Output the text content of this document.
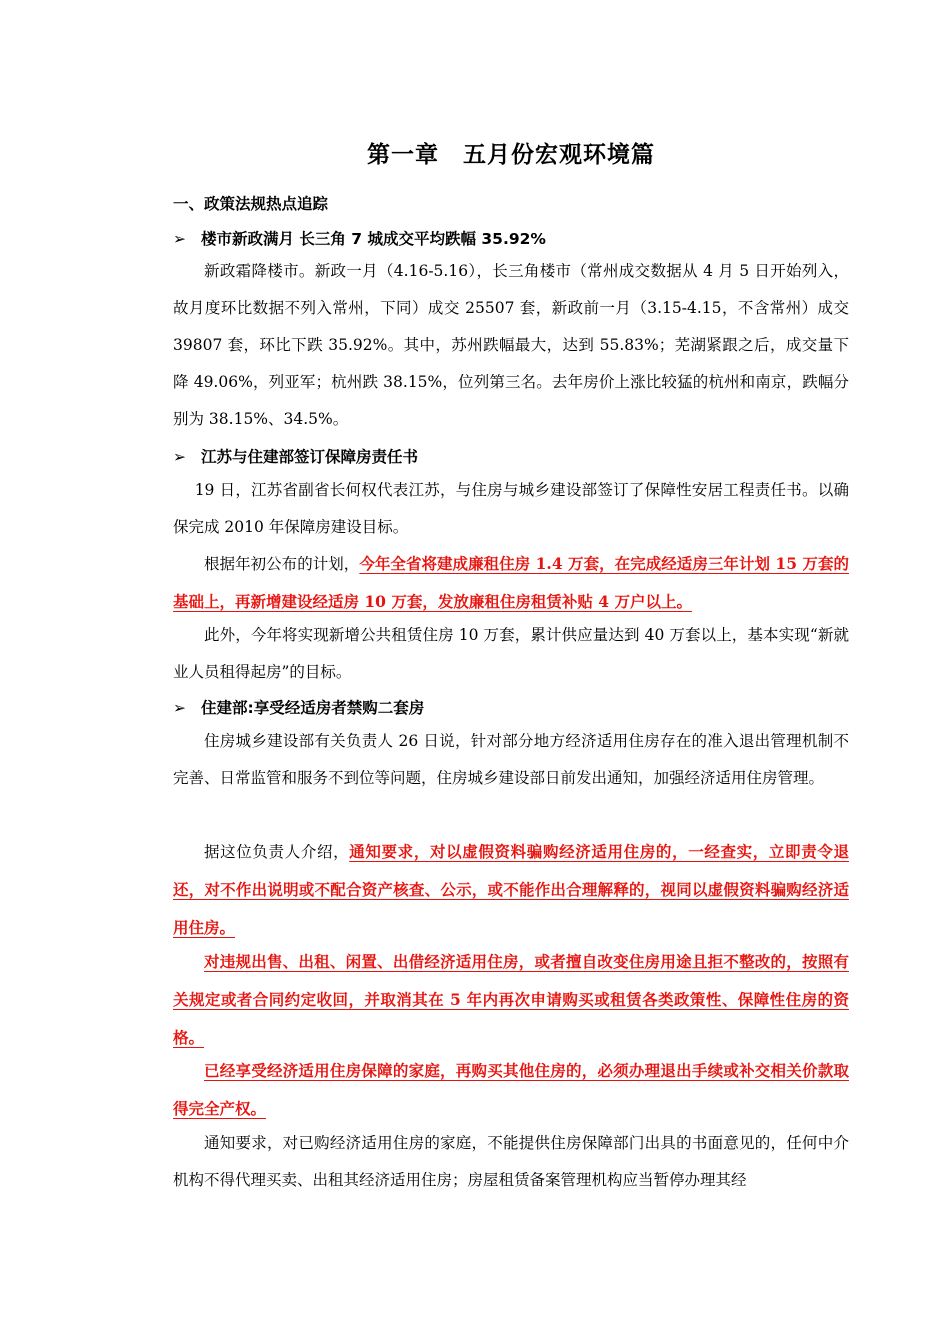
第一章　五月份宏观环境篇
一、政策法规热点追踪
➢ 楼市新政满月 长三角 7 城成交平均跌幅 35.92%
新政霜降楼市。新政一月（4.16-5.16），长三角楼市（常州成交数据从 4 月 5 日开始列入，故月度环比数据不列入常州，下同）成交 25507 套，新政前一月（3.15-4.15，不含常州）成交 39807 套，环比下跌 35.92%。其中，苏州跌幅最大，达到 55.83%；芜湖紧跟之后，成交量下降 49.06%，列亚军；杭州跌 38.15%，位列第三名。去年房价上涨比较猛的杭州和南京，跌幅分别为 38.15%、34.5%。
➢ 江苏与住建部签订保障房责任书
19 日，江苏省副省长何权代表江苏，与住房与城乡建设部签订了保障性安居工程责任书。以确保完成 2010 年保障房建设目标。
根据年初公布的计划，今年全省将建成廉租住房 1.4 万套，在完成经适房三年计划 15 万套的基础上，再新增建设经适房 10 万套，发放廉租住房租赁补贴 4 万户以上。
此外，今年将实现新增公共租赁住房 10 万套，累计供应量达到 40 万套以上，基本实现“新就业人员租得起房”的目标。
➢ 住建部:享受经适房者禁购二套房
住房城乡建设部有关负责人 26 日说，针对部分地方经济适用住房存在的准入退出管理机制不完善、日常监管和服务不到位等问题，住房城乡建设部日前发出通知，加强经济适用住房管理。
据这位负责人介绍，通知要求，对以虚假资料骗购经济适用住房的，一经查实，立即责令退还，对不作出说明或不配合资产核查、公示，或不能作出合理解释的，视同以虚假资料骗购经济适用住房。
对违规出售、出租、闲置、出借经济适用住房，或者擅自改变住房用途且拒不整改的，按照有关规定或者合同约定收回，并取消其在 5 年内再次申请购买或租赁各类政策性、保障性住房的资格。
已经享受经济适用住房保障的家庭，再购买其他住房的，必须办理退出手续或补交相关价款取得完全产权。
通知要求，对已购经济适用住房的家庭，不能提供住房保障部门出具的书面意见的，任何中介机构不得代理买卖、出租其经济适用住房；房屋租赁备案管理机构应当暂停办理其经
